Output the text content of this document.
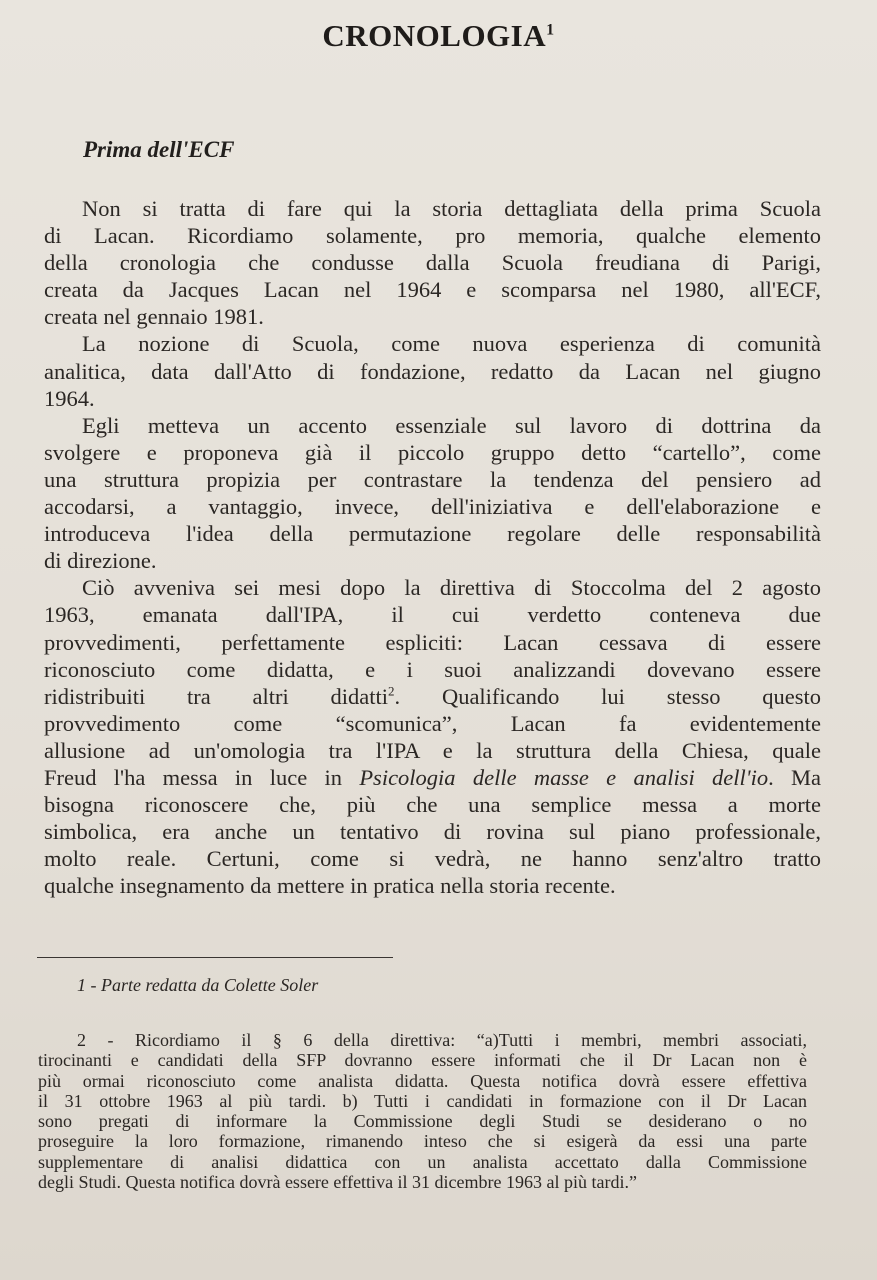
CRONOLOGIA$^1$
Prima dell'ECF
Non si tratta di fare qui la storia dettagliata della prima Scuola
di Lacan. Ricordiamo solamente, pro memoria, qualche elemento
della cronologia che condusse dalla Scuola freudiana di Parigi,
creata da Jacques Lacan nel 1964 e scomparsa nel 1980, all'ECF,
creata nel gennaio 1981.
La nozione di Scuola, come nuova esperienza di comunità
analitica, data dall'Atto di fondazione, redatto da Lacan nel giugno
1964.
Egli metteva un accento essenziale sul lavoro di dottrina da
svolgere e proponeva già il piccolo gruppo detto “cartello”, come
una struttura propizia per contrastare la tendenza del pensiero ad
accodarsi, a vantaggio, invece, dell'iniziativa e dell'elaborazione e
introduceva l'idea della permutazione regolare delle responsabilità
di direzione.
Ciò avveniva sei mesi dopo la direttiva di Stoccolma del 2 agosto
1963, emanata dall'IPA, il cui verdetto conteneva due
provvedimenti, perfettamente espliciti: Lacan cessava di essere
riconosciuto come didatta, e i suoi analizzandi dovevano essere
ridistribuiti tra altri didatti$^2$. Qualificando lui stesso questo
provvedimento come “scomunica”, Lacan fa evidentemente
allusione ad un'omologia tra l'IPA e la struttura della Chiesa, quale
Freud l'ha messa in luce in Psicologia delle masse e analisi dell'io. Ma
bisogna riconoscere che, più che una semplice messa a morte
simbolica, era anche un tentativo di rovina sul piano professionale,
molto reale. Certuni, come si vedrà, ne hanno senz'altro tratto
qualche insegnamento da mettere in pratica nella storia recente.
1 - Parte redatta da Colette Soler
2 - Ricordiamo il § 6 della direttiva: “a)Tutti i membri, membri associati,
tirocinanti e candidati della SFP dovranno essere informati che il Dr Lacan non è
più ormai riconosciuto come analista didatta. Questa notifica dovrà essere effettiva
il 31 ottobre 1963 al più tardi. b) Tutti i candidati in formazione con il Dr Lacan
sono pregati di informare la Commissione degli Studi se desiderano o no
proseguire la loro formazione, rimanendo inteso che si esigerà da essi una parte
supplementare di analisi didattica con un analista accettato dalla Commissione
degli Studi. Questa notifica dovrà essere effettiva il 31 dicembre 1963 al più tardi.”
